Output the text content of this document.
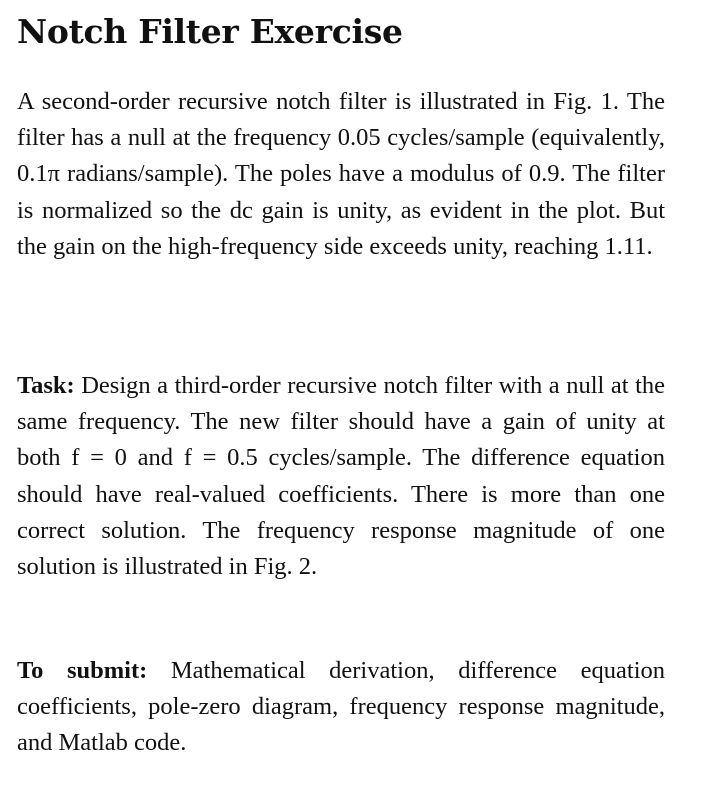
Notch Filter Exercise

A second-order recursive notch filter is illustrated in Fig. 1. The filter has a null at the frequency 0.05 cycles/sample (equivalently, 0.1π radians/sample). The poles have a modulus of 0.9. The filter is normalized so the dc gain is unity, as evident in the plot. But the gain on the high-frequency side exceeds unity, reaching 1.11.

Task: Design a third-order recursive notch filter with a null at the same frequency. The new filter should have a gain of unity at both f = 0 and f = 0.5 cycles/sample. The difference equation should have real-valued coefficients. There is more than one correct solution. The frequency response magnitude of one solution is illustrated in Fig. 2.

To submit: Mathematical derivation, difference equation coefficients, pole-zero diagram, frequency response magnitude, and Matlab code.
